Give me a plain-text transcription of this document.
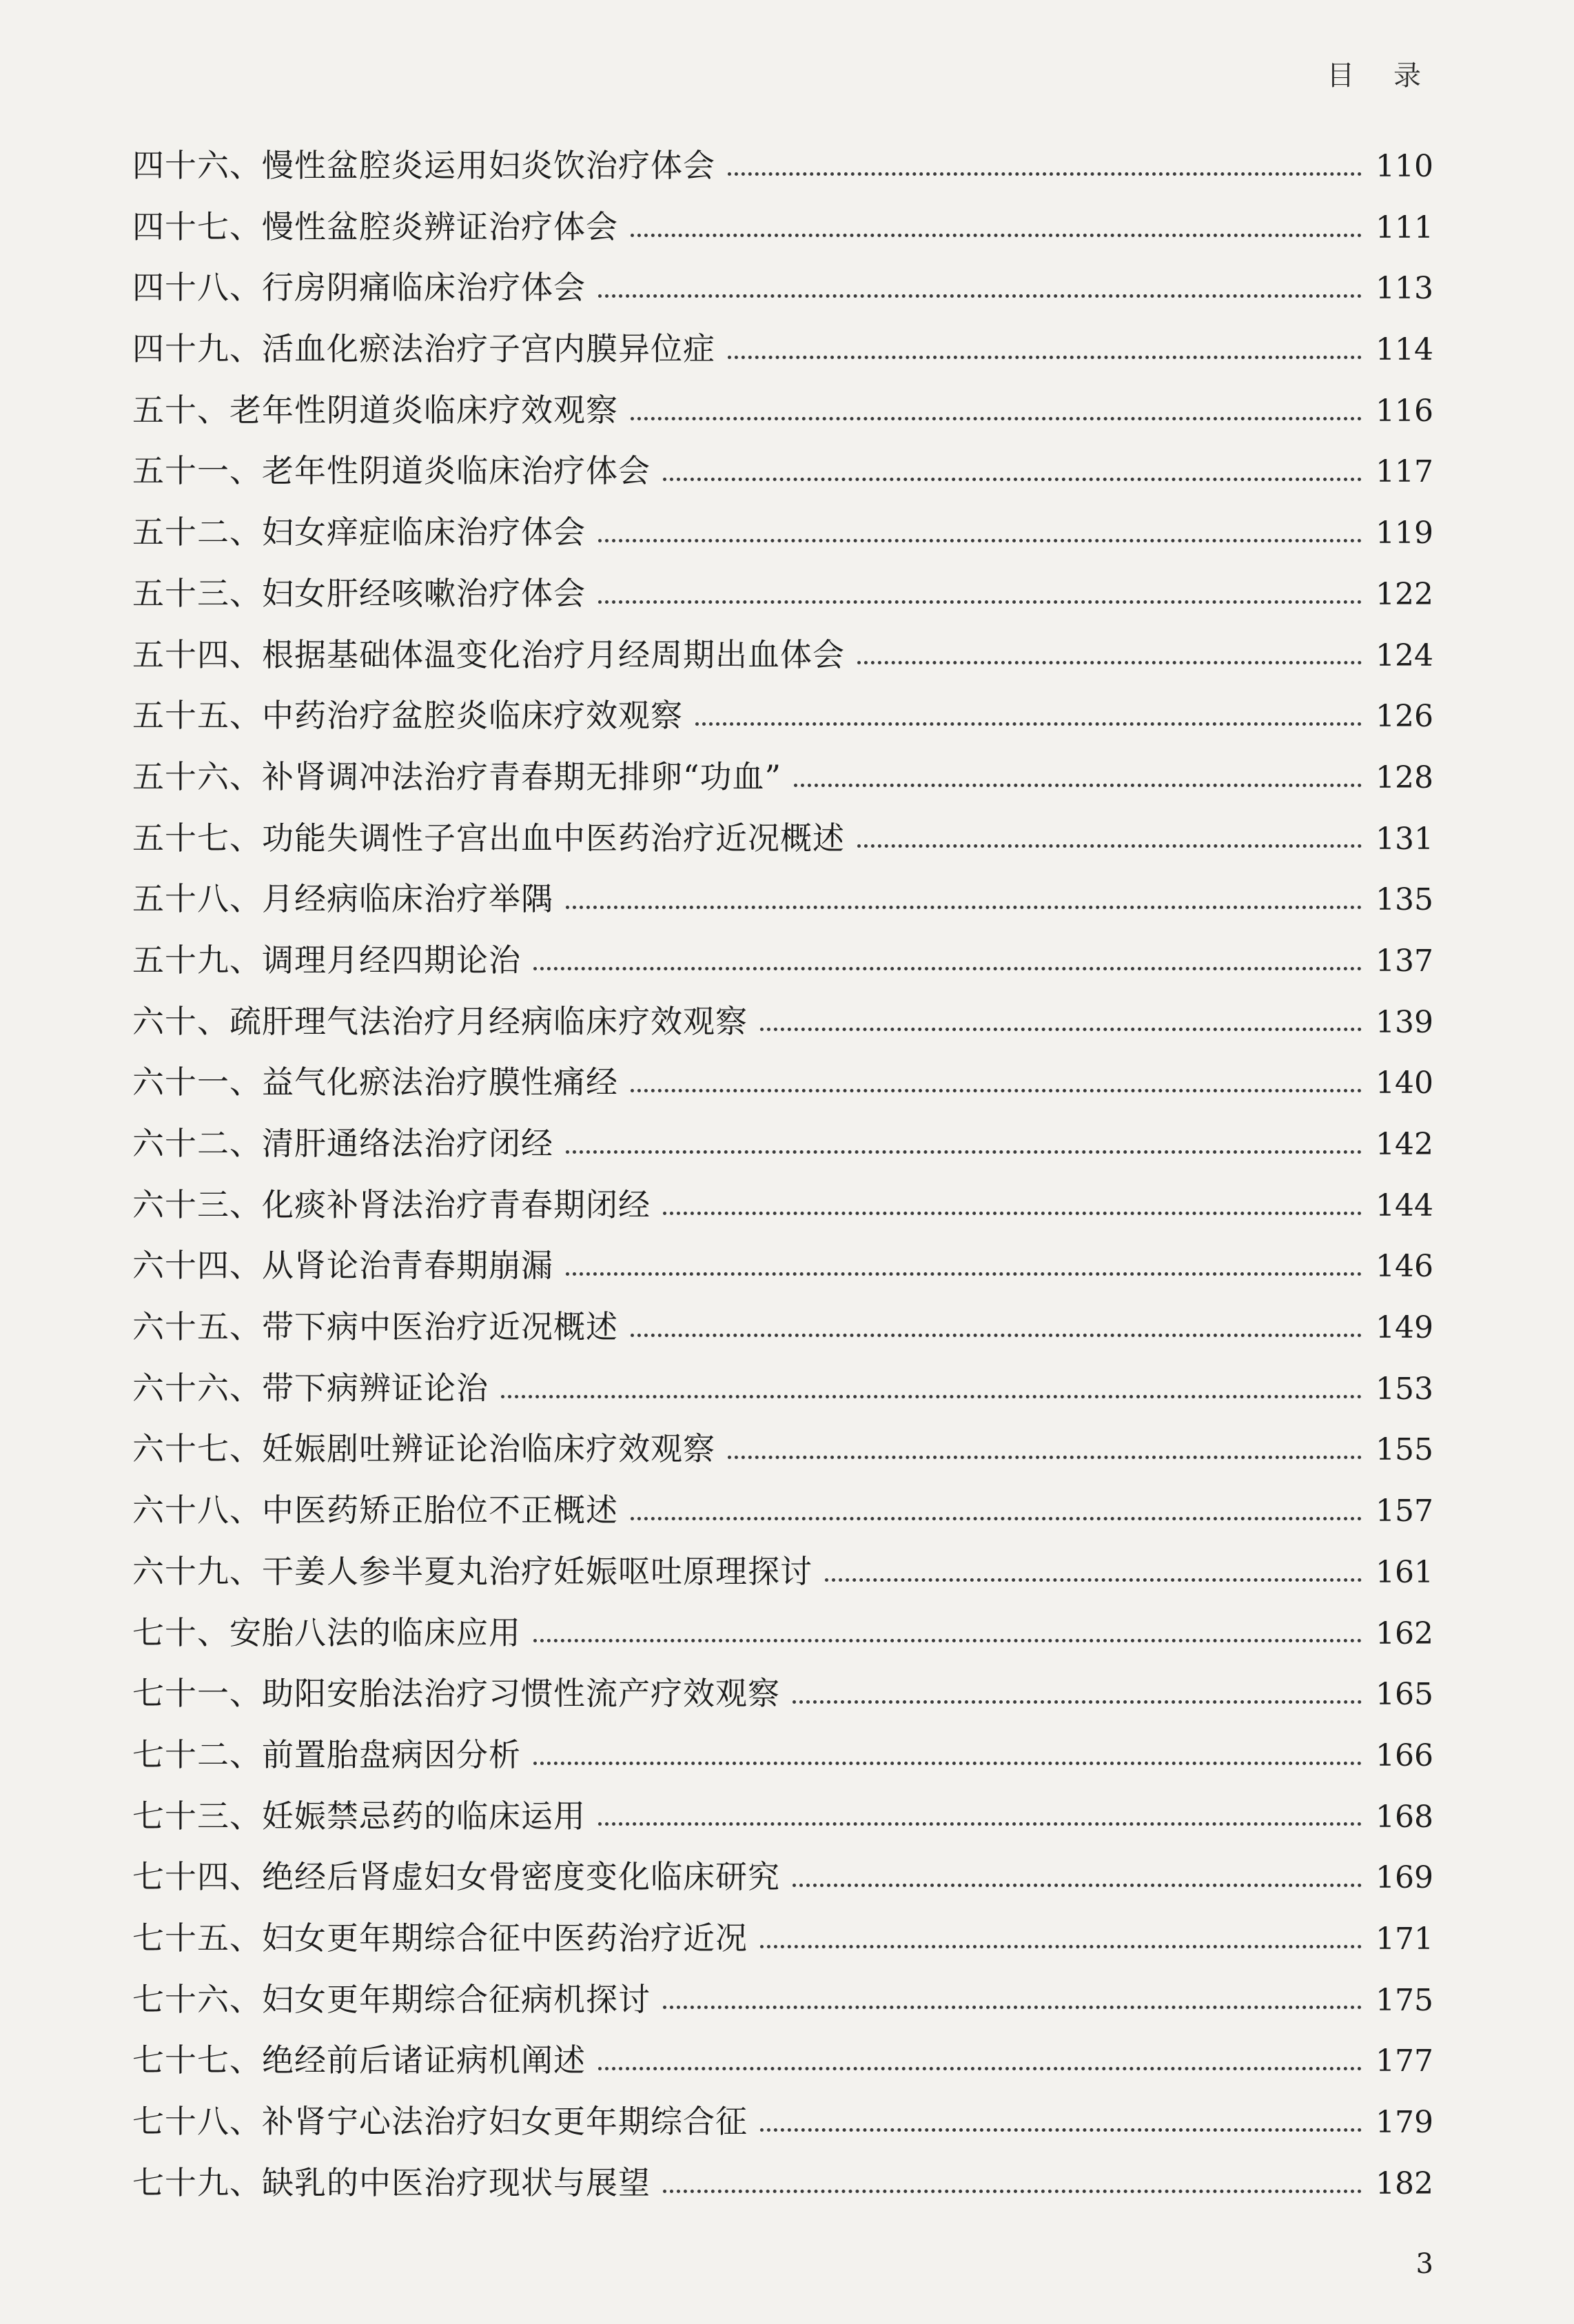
目 录
四十六、慢性盆腔炎运用妇炎饮治疗体会	110
四十七、慢性盆腔炎辨证治疗体会	111
四十八、行房阴痛临床治疗体会	113
四十九、活血化瘀法治疗子宫内膜异位症	114
五十、老年性阴道炎临床疗效观察	116
五十一、老年性阴道炎临床治疗体会	117
五十二、妇女痒症临床治疗体会	119
五十三、妇女肝经咳嗽治疗体会	122
五十四、根据基础体温变化治疗月经周期出血体会	124
五十五、中药治疗盆腔炎临床疗效观察	126
五十六、补肾调冲法治疗青春期无排卵“功血”	128
五十七、功能失调性子宫出血中医药治疗近况概述	131
五十八、月经病临床治疗举隅	135
五十九、调理月经四期论治	137
六十、疏肝理气法治疗月经病临床疗效观察	139
六十一、益气化瘀法治疗膜性痛经	140
六十二、清肝通络法治疗闭经	142
六十三、化痰补肾法治疗青春期闭经	144
六十四、从肾论治青春期崩漏	146
六十五、带下病中医治疗近况概述	149
六十六、带下病辨证论治	153
六十七、妊娠剧吐辨证论治临床疗效观察	155
六十八、中医药矫正胎位不正概述	157
六十九、干姜人参半夏丸治疗妊娠呕吐原理探讨	161
七十、安胎八法的临床应用	162
七十一、助阳安胎法治疗习惯性流产疗效观察	165
七十二、前置胎盘病因分析	166
七十三、妊娠禁忌药的临床运用	168
七十四、绝经后肾虚妇女骨密度变化临床研究	169
七十五、妇女更年期综合征中医药治疗近况	171
七十六、妇女更年期综合征病机探讨	175
七十七、绝经前后诸证病机阐述	177
七十八、补肾宁心法治疗妇女更年期综合征	179
七十九、缺乳的中医治疗现状与展望	182
3
